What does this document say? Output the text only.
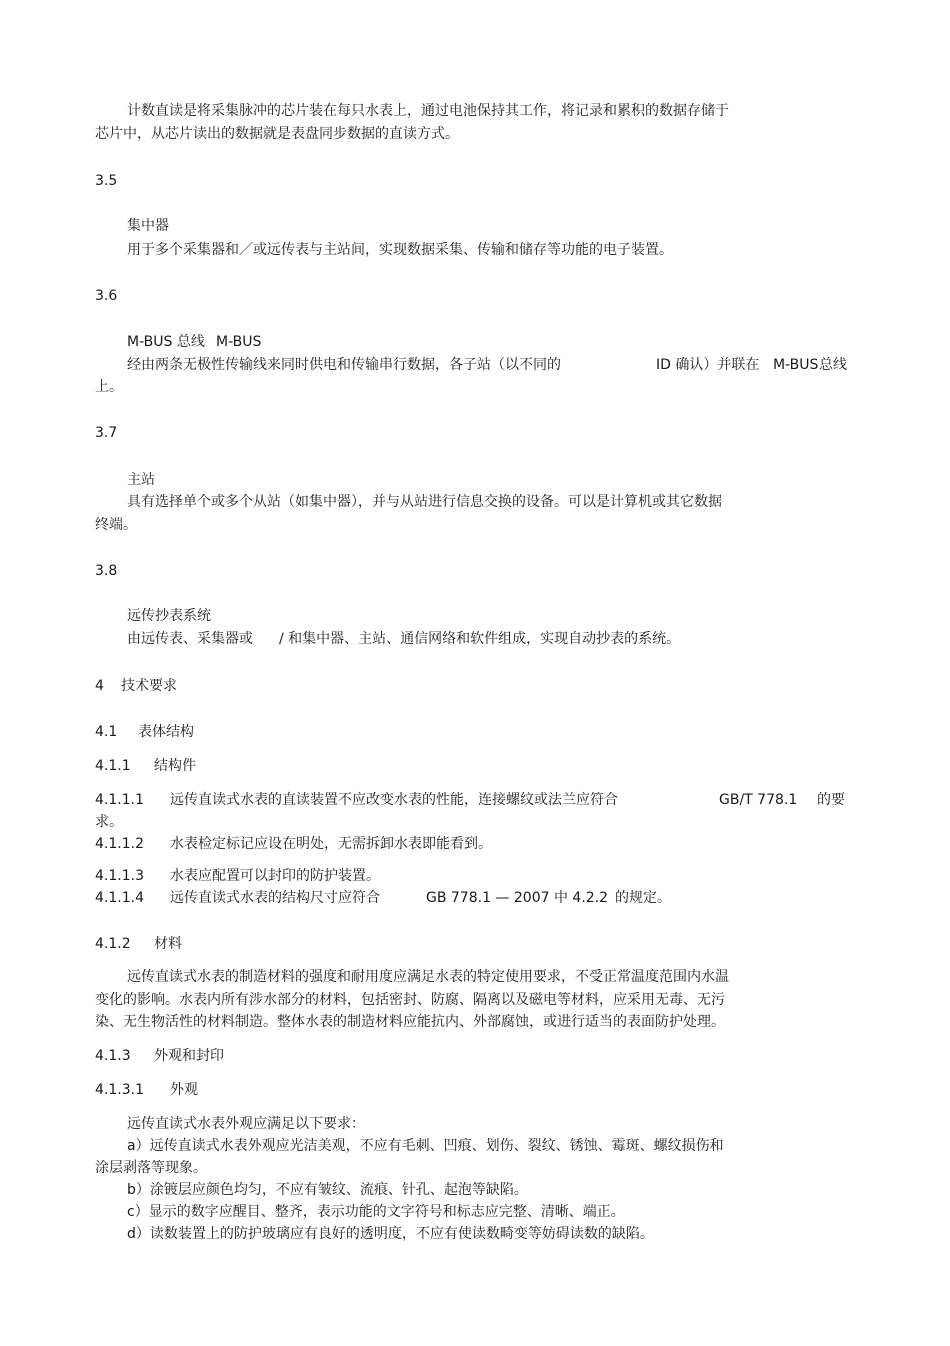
计数直读是将采集脉冲的芯片装在每只水表上，通过电池保持其工作，将记录和累积的数据存储于
芯片中，从芯片读出的数据就是表盘同步数据的直读方式。
3.5
集中器
用于多个采集器和／或远传表与主站间，实现数据采集、传输和储存等功能的电子装置。
3.6
M-BUS 总线 M-BUS
经由两条无极性传输线来同时供电和传输串行数据，各子站（以不同的	ID 确认）并联在 M-BUS 总线
上。
3.7
主站
具有选择单个或多个从站（如集中器），并与从站进行信息交换的设备。可以是计算机或其它数据
终端。
3.8
远传抄表系统
由远传表、采集器或 / 和集中器、主站、通信网络和软件组成，实现自动抄表的系统。
4 技术要求
4.1 表体结构
4.1.1 结构件
4.1.1.1 远传直读式水表的直读装置不应改变水表的性能，连接螺纹或法兰应符合	GB/T 778.1 的要
求。
4.1.1.2 水表检定标记应设在明处，无需拆卸水表即能看到。
4.1.1.3 水表应配置可以封印的防护装置。
4.1.1.4 远传直读式水表的结构尺寸应符合	GB 778.1 — 2007 中 4.2.2 的规定。
4.1.2 材料
远传直读式水表的制造材料的强度和耐用度应满足水表的特定使用要求，不受正常温度范围内水温
变化的影响。水表内所有涉水部分的材料，包括密封、防腐、隔离以及磁电等材料，应采用无毒、无污
染、无生物活性的材料制造。整体水表的制造材料应能抗内、外部腐蚀，或进行适当的表面防护处理。
4.1.3 外观和封印
4.1.3.1 外观
远传直读式水表外观应满足以下要求：
a）远传直读式水表外观应光洁美观，不应有毛刺、凹痕、划伤、裂纹、锈蚀、霉斑、螺纹损伤和
涂层剥落等现象。
b）涂镀层应颜色均匀，不应有皱纹、流痕、针孔、起泡等缺陷。
c）显示的数字应醒目、整齐，表示功能的文字符号和标志应完整、清晰、端正。
d）读数装置上的防护玻璃应有良好的透明度，不应有使读数畸变等妨碍读数的缺陷。
